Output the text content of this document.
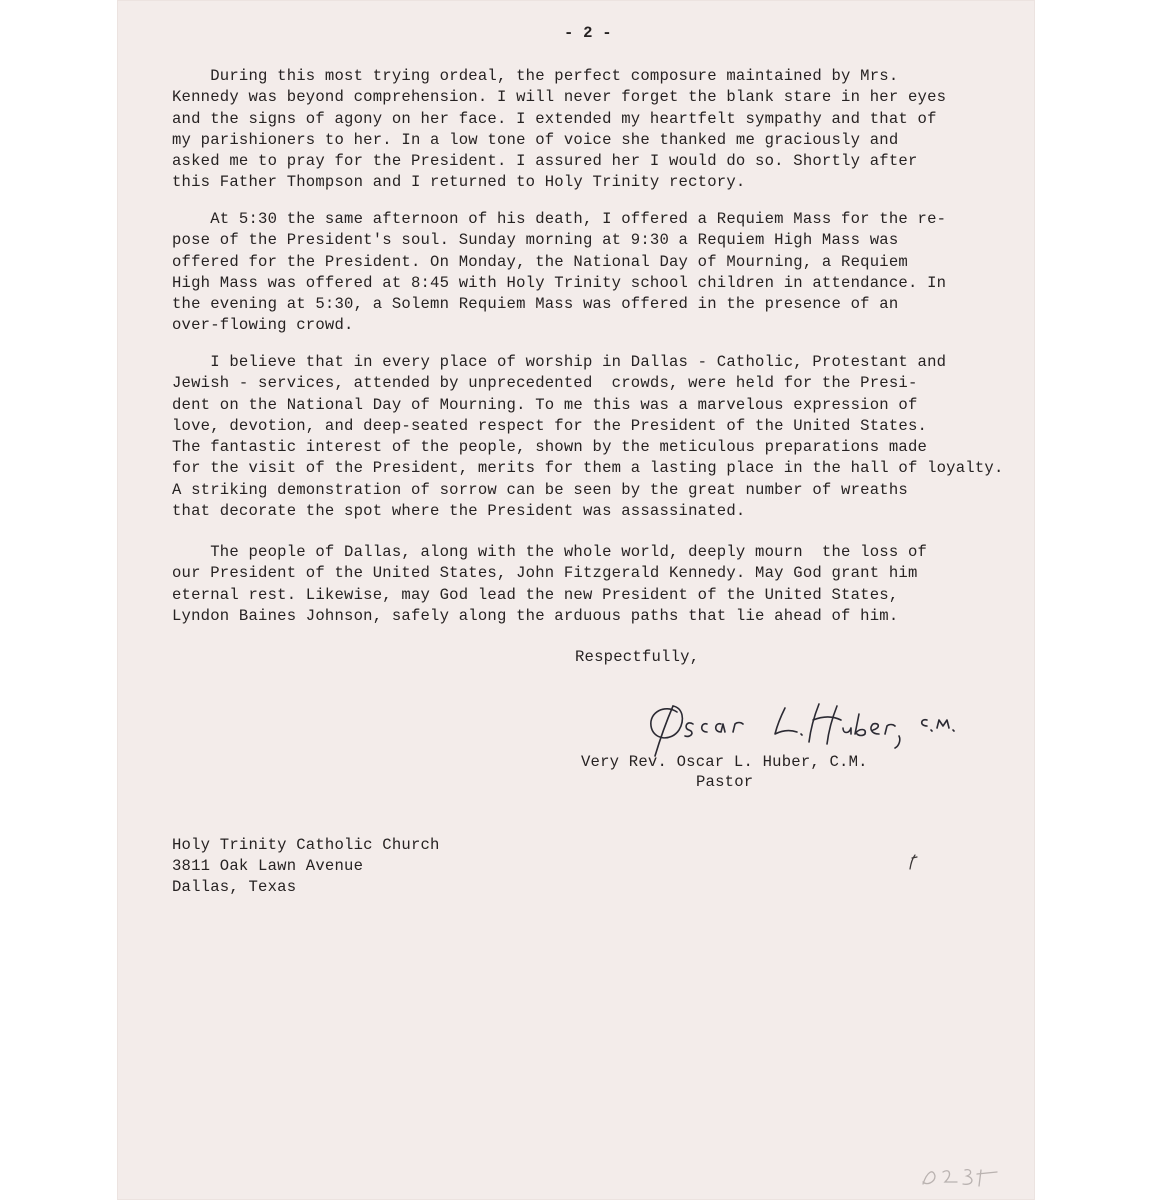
- 2 -
During this most trying ordeal, the perfect composure maintained by Mrs.
Kennedy was beyond comprehension. I will never forget the blank stare in her eyes
and the signs of agony on her face. I extended my heartfelt sympathy and that of
my parishioners to her. In a low tone of voice she thanked me graciously and
asked me to pray for the President. I assured her I would do so. Shortly after
this Father Thompson and I returned to Holy Trinity rectory.
At 5:30 the same afternoon of his death, I offered a Requiem Mass for the re-
pose of the President's soul. Sunday morning at 9:30 a Requiem High Mass was
offered for the President. On Monday, the National Day of Mourning, a Requiem
High Mass was offered at 8:45 with Holy Trinity school children in attendance. In
the evening at 5:30, a Solemn Requiem Mass was offered in the presence of an
over-flowing crowd.
I believe that in every place of worship in Dallas - Catholic, Protestant and
Jewish - services, attended by unprecedented  crowds, were held for the Presi-
dent on the National Day of Mourning. To me this was a marvelous expression of
love, devotion, and deep-seated respect for the President of the United States.
The fantastic interest of the people, shown by the meticulous preparations made
for the visit of the President, merits for them a lasting place in the hall of loyalty.
A striking demonstration of sorrow can be seen by the great number of wreaths
that decorate the spot where the President was assassinated.
The people of Dallas, along with the whole world, deeply mourn  the loss of
our President of the United States, John Fitzgerald Kennedy. May God grant him
eternal rest. Likewise, may God lead the new President of the United States,
Lyndon Baines Johnson, safely along the arduous paths that lie ahead of him.
Respectfully,
Very Rev. Oscar L. Huber, C.M.
Pastor
Holy Trinity Catholic Church
3811 Oak Lawn Avenue
Dallas, Texas
